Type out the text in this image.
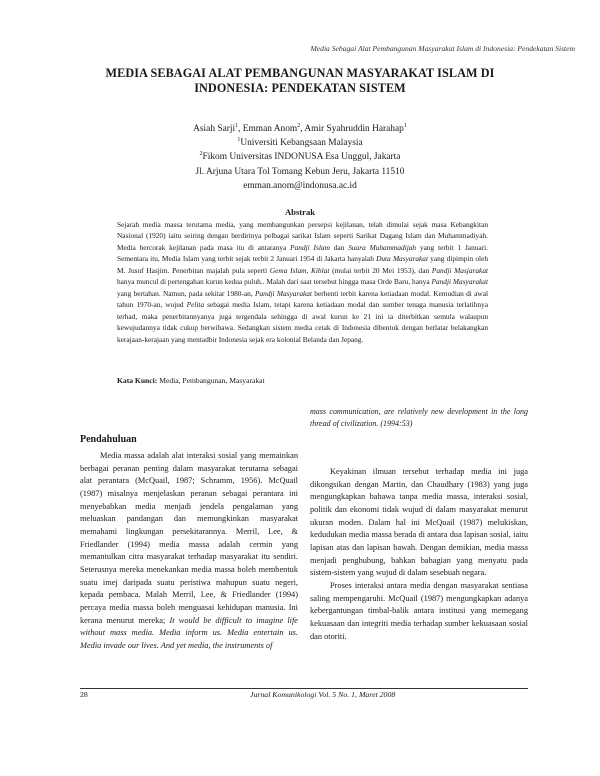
Media Sebagai Alat Pembangunan Masyarakat Islam di Indonesia: Pendekatan Sistem
MEDIA SEBAGAI ALAT PEMBANGUNAN MASYARAKAT ISLAM DI
INDONESIA: PENDEKATAN SISTEM
Asiah Sarji$^1$, Emman Anom$^2$, Amir Syahruddin Harahap$^1$
$^1$Universiti Kebangsaan Malaysia
$^2$Fikom Universitas INDONUSA Esa Unggul, Jakarta
Jl. Arjuna Utara Tol Tomang Kebun Jeru, Jakarta 11510
emman.anom@indonusa.ac.id
Abstrak
Sejarah media massa terutama media, yang membangunkan persepsi kejilanan, telah dimulai sejak masa Kebangkitan Nasional (1920) iaitu seiring dengan berdirinya pelbagai sarikat Islam seperti Sarikat Dagang Islam dan Muhammadiyah. Media bercorak kejilanan pada masa itu di antaranya Pandji Islam dan Suara Muhammadijah yang terbit 1 Januari. Sementara itu, Media Islam yang terbit sejak terbit 2 Januari 1954 di Jakarta hanyalah Duta Masyarakat yang dipimpin oleh M. Jusuf Hasjim. Penerbitan majalah pula seperti Gema Islam, Kiblat (mulai terbit 20 Mei 1953), dan Pandji Masjarakat hanya muncul di pertengahan kurun kedua puluh.. Malah dari saat tersebut hingga masa Orde Baru, hanya Pandji Masyarakat yang bertahan. Namun, pada sekitar 1980-an, Pandji Masyarakat berhenti terbit karena ketiadaan modal. Kemudian di awal tahun 1970-an, wujud Pelita sebagai media Islam, tetapi karena ketiadaan modal dan sumber tenaga manusia terlatihnya terhad, maka penerbitannyanya juga tergendala sehingga di awal kurun ke 21 ini ia diterbitkan semula walaupun kewujudannya tidak cukup berwibawa. Sedangkan sistem media cetak di Indonesia dibentuk dengan berlatar belakangkan kerajaan-kerajaan yang mentadbir Indonesia sejak era kolonial Belanda dan Jepang.
Kata Kunci: Media, Pembangunan, Masyarakat
Pendahuluan

Media massa adalah alat interaksi sosial yang memainkan berbagai peranan penting dalam masyarakat terutama sebagai alat perantara (McQuail, 1987; Schramm, 1956). McQuail (1987) misalnya menjelaskan peranan sebagai perantara ini menyebabkan media menjadi jendela pengalaman yang meluaskan pandangan dan memungkinkan masyarakat memahami lingkungan persekitarannya. Merril, Lee, & Friedlander (1994) media massa adalah cermin yang memantulkan citra masyarakat terhadap masyarakat itu sendiri. Seterusnya mereka menekankan media massa boleh membentuk suatu imej daripada suatu peristiwa mahupun suatu negeri, kepada pembaca. Malah Merril, Lee, & Friedlander (1994) percaya media massa boleh menguasai kehidupan manusia. Ini kerana menurut mereka; It would be difficult to imagine life without mass media. Media inform us. Media entertain us. Media invade our lives. And yet media, the instruments of

mass communication, are relatively new development in the long thread of civilization. (1994:53)

Keyakinan ilmuan tersebut terhadap media ini juga dikongsikan dengan Martin, dan Chaudhary (1983) yang juga mengungkapkan bahawa tanpa media massa, interaksi sosial, politik dan ekonomi tidak wujud di dalam masyarakat menurut ukuran moden. Dalam hal ini McQuail (1987) melukiskan, kedudukan media massa berada di antara dua lapisan sosial, iaitu lapisan atas dan lapisan bawah. Dengan demikian, media massa menjadi penghubung, bahkan bahagian yang menyatu pada sistem-sistem yang wujud di dalam sesebuah negara.

Proses interaksi antara media dengan masyarakat sentiasa saling mempengaruhi. McQuail (1987) mengungkapkan adanya kebergantungan timbal-balik antara institusi yang memegang kekuasaan dan integriti media terhadap sumber kekuasaan sosial dan otoriti.

28	Jurnal Komunikologi Vol. 5 No. 1, Maret 2008
